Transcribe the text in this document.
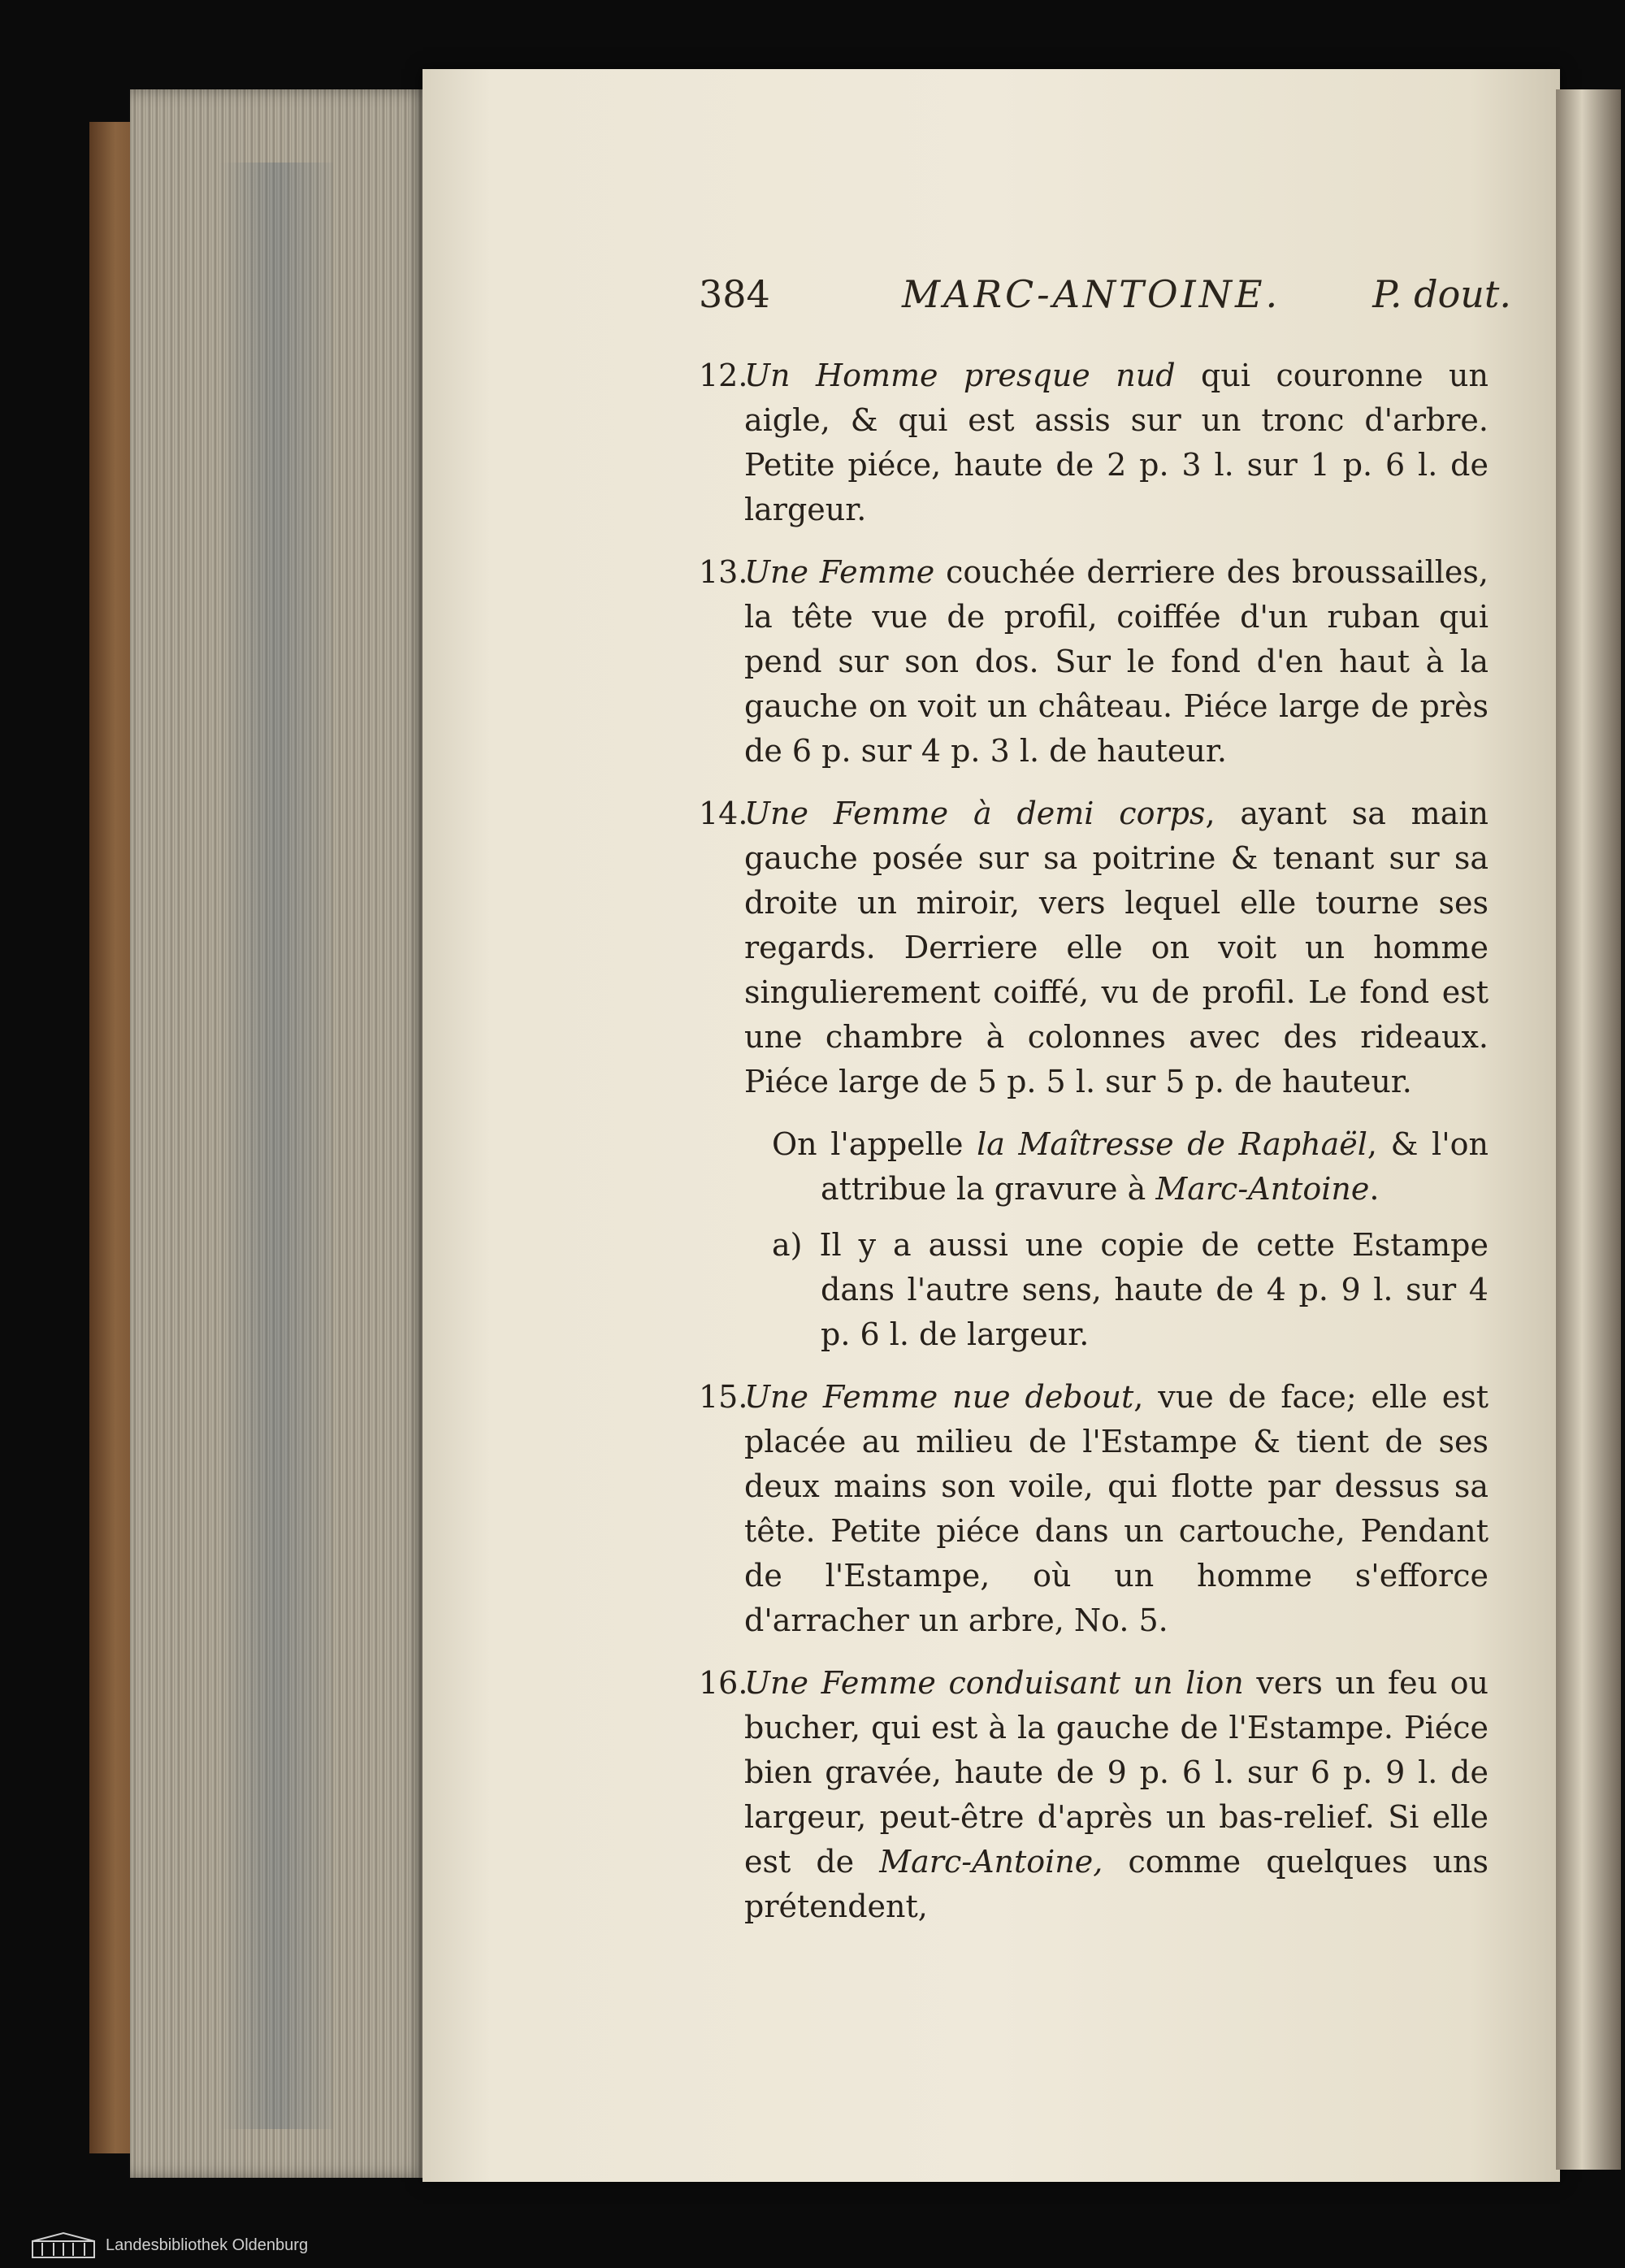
384	MARC-ANTOINE. P. dout.

12.Un Homme presque nud qui couronne un aigle, & qui est assis sur un tronc d'arbre. Petite piéce, haute de 2 p. 3 l. sur 1 p. 6 l. de largeur.

13.Une Femme couchée derriere des broussailles, la tête vue de profil, coiffée d'un ruban qui pend sur son dos. Sur le fond d'en haut à la gauche on voit un château. Piéce large de près de 6 p. sur 4 p. 3 l. de hauteur.

14.Une Femme à demi corps, ayant sa main gauche posée sur sa poitrine & tenant sur sa droite un miroir, vers lequel elle tourne ses regards. Derriere elle on voit un homme singulierement coiffé, vu de profil. Le fond est une chambre à colonnes avec des rideaux. Piéce large de 5 p. 5 l. sur 5 p. de hauteur.

On l'appelle la Maîtresse de Raphaël, & l'on attribue la gravure à Marc-Antoine.

a) Il y a aussi une copie de cette Estampe dans l'autre sens, haute de 4 p. 9 l. sur 4 p. 6 l. de largeur.

15.Une Femme nue debout, vue de face; elle est placée au milieu de l'Estampe & tient de ses deux mains son voile, qui flotte par dessus sa tête. Petite piéce dans un cartouche, Pendant de l'Estampe, où un homme s'efforce d'arracher un arbre, No. 5.

16.Une Femme conduisant un lion vers un feu ou bucher, qui est à la gauche de l'Estampe. Piéce bien gravée, haute de 9 p. 6 l. sur 6 p. 9 l. de largeur, peut-être d'après un bas-relief. Si elle est de Marc-Antoine, comme quelques uns prétendent,

Landesbibliothek Oldenburg
